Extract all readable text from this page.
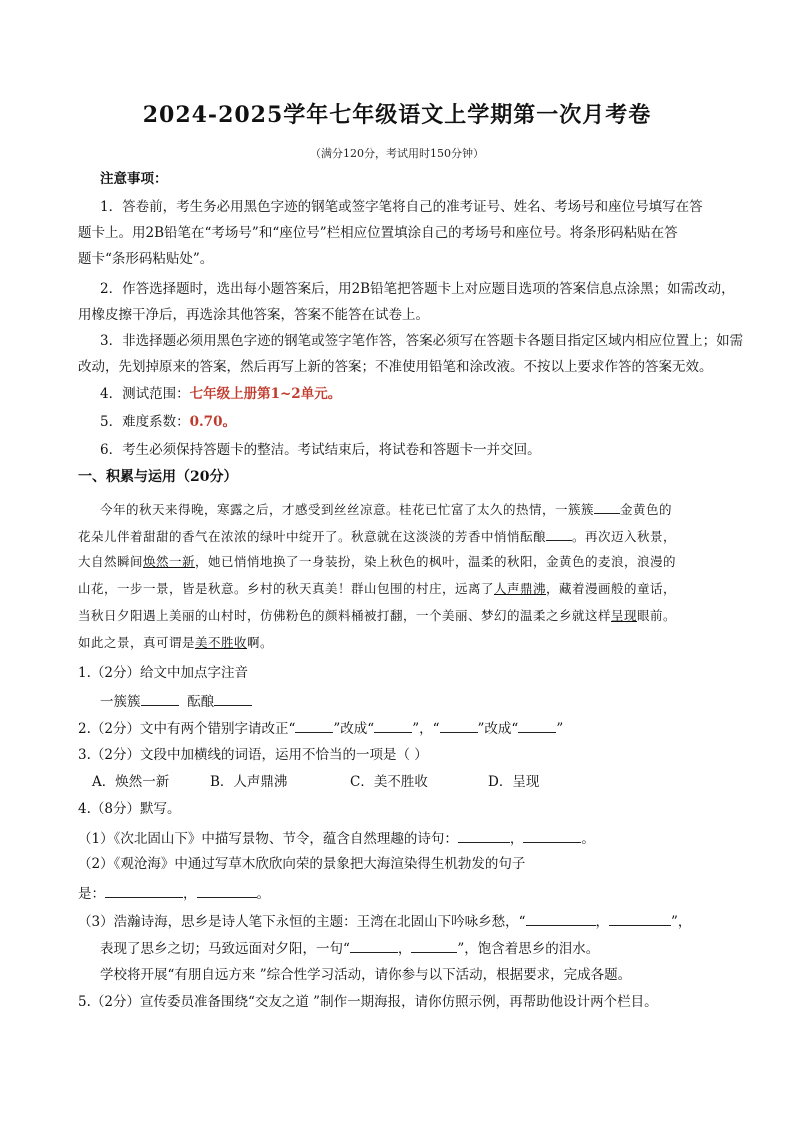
2024-2025学年七年级语文上学期第一次月考卷
（满分120分，考试用时150分钟）
注意事项：
1．答卷前，考生务必用黑色字迹的钢笔或签字笔将自己的准考证号、姓名、考场号和座位号填写在答
题卡上。用2B铅笔在“考场号”和“座位号”栏相应位置填涂自己的考场号和座位号。将条形码粘贴在答
题卡“条形码粘贴处”。
2．作答选择题时，选出每小题答案后，用2B铅笔把答题卡上对应题目选项的答案信息点涂黑；如需改动，
用橡皮擦干净后，再选涂其他答案，答案不能答在试卷上。
3．非选择题必须用黑色字迹的钢笔或签字笔作答，答案必须写在答题卡各题目指定区域内相应位置上；如需
改动，先划掉原来的答案，然后再写上新的答案；不准使用铅笔和涂改液。不按以上要求作答的答案无效。
4．测试范围：七年级上册第1~2单元。
5．难度系数：0.70。
6．考生必须保持答题卡的整洁。考试结束后，将试卷和答题卡一并交回。
一、积累与运用（20分）
今年的秋天来得晚，寒露之后，才感受到丝丝凉意。桂花已忙富了太久的热情，一簇簇 金黄色的
花朵儿伴着甜甜的香气在浓浓的绿叶中绽开了。秋意就在这淡淡的芳香中悄悄酝酿 。再次迈入秋景，
大自然瞬间焕然一新，她已悄悄地换了一身装扮，染上秋色的枫叶，温柔的秋阳，金黄色的麦浪，浪漫的
山花，一步一景，皆是秋意。乡村的秋天真美！群山包围的村庄，远离了人声鼎沸，藏着漫画般的童话，
当秋日夕阳遇上美丽的山村时，仿佛粉色的颜料桶被打翻，一个美丽、梦幻的温柔之乡就这样呈现眼前。
如此之景，真可谓是美不胜收啊。
1.（2分）给文中加点字注音
一簇簇	酝酿
2.（2分）文中有两个错别字请改正“	”改成“	”，“	”改成“	”
3.（2分）文段中加横线的词语，运用不恰当的一项是（ ）
A．焕然一新	B．人声鼎沸	C．美不胜收	D．呈现
4.（8分）默写。
（1）《次北固山下》中描写景物、节令，蕴含自然理趣的诗句：	，	。
（2）《观沧海》中通过写草木欣欣向荣的景象把大海渲染得生机勃发的句子
是：	，	。
（3）浩瀚诗海，思乡是诗人笔下永恒的主题：王湾在北固山下吟咏乡愁，“	，	”，
表现了思乡之切；马致远面对夕阳，一句“	，	”，饱含着思乡的泪水。
学校将开展“有朋自远方来 ”综合性学习活动，请你参与以下活动，根据要求，完成各题。
5.（2分）宣传委员准备围绕“交友之道 ”制作一期海报，请你仿照示例，再帮助他设计两个栏目。
